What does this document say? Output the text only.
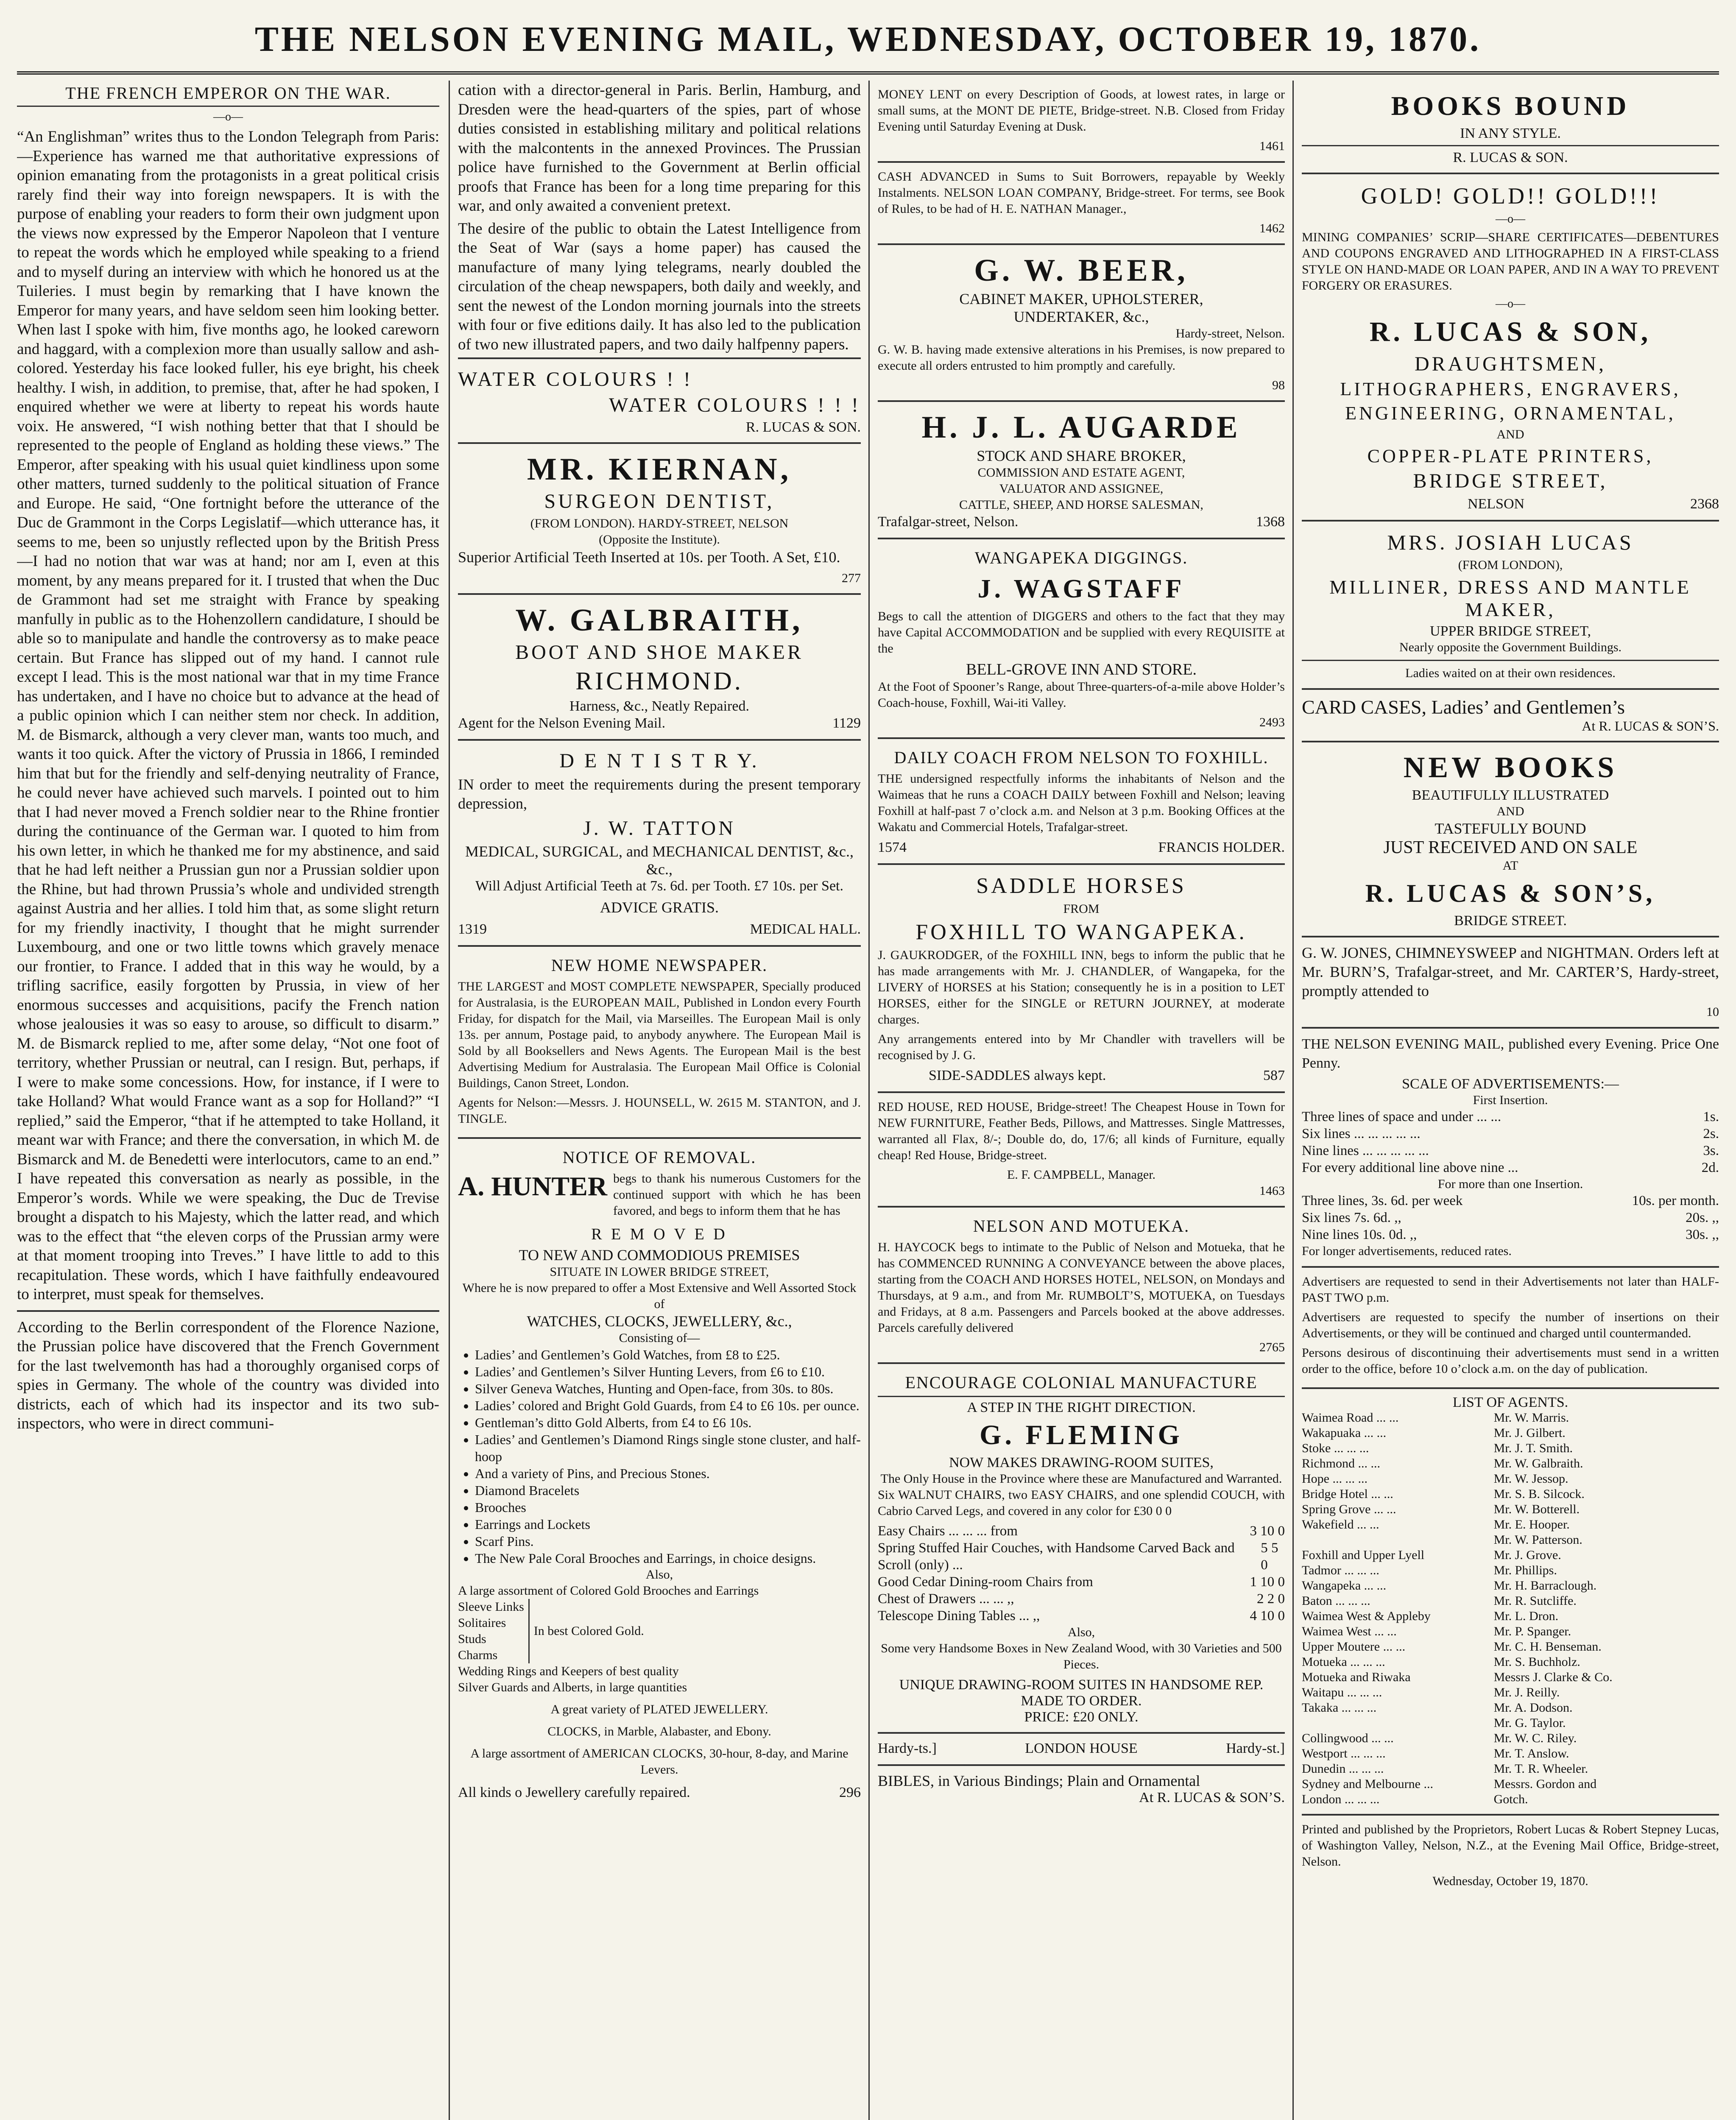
THE NELSON EVENING MAIL, WEDNESDAY, OCTOBER 19, 1870.
THE FRENCH EMPEROR ON THE WAR.
—o—

“An Englishman” writes thus to the London Telegraph from Paris:—Experience has warned me that authoritative expressions of opinion emanating from the protagonists in a great political crisis rarely find their way into foreign newspapers. It is with the purpose of enabling your readers to form their own judgment upon the views now expressed by the Emperor Napoleon that I venture to repeat the words which he employed while speaking to a friend and to myself during an interview with which he honored us at the Tuileries. I must begin by remarking that I have known the Emperor for many years, and have seldom seen him looking better. When last I spoke with him, five months ago, he looked careworn and haggard, with a complexion more than usually sallow and ash-colored. Yesterday his face looked fuller, his eye bright, his cheek healthy. I wish, in addition, to premise, that, after he had spoken, I enquired whether we were at liberty to repeat his words haute voix. He answered, “I wish nothing better that that I should be represented to the people of England as holding these views.” The Emperor, after speaking with his usual quiet kindliness upon some other matters, turned suddenly to the political situation of France and Europe. He said, “One fortnight before the utterance of the Duc de Grammont in the Corps Legislatif—which utterance has, it seems to me, been so unjustly reflected upon by the British Press—I had no notion that war was at hand; nor am I, even at this moment, by any means prepared for it. I trusted that when the Duc de Grammont had set me straight with France by speaking manfully in public as to the Hohenzollern candidature, I should be able so to manipulate and handle the controversy as to make peace certain. But France has slipped out of my hand. I cannot rule except I lead. This is the most national war that in my time France has undertaken, and I have no choice but to advance at the head of a public opinion which I can neither stem nor check. In addition, M. de Bismarck, although a very clever man, wants too much, and wants it too quick. After the victory of Prussia in 1866, I reminded him that but for the friendly and self-denying neutrality of France, he could never have achieved such marvels. I pointed out to him that I had never moved a French soldier near to the Rhine frontier during the continuance of the German war. I quoted to him from his own letter, in which he thanked me for my abstinence, and said that he had left neither a Prussian gun nor a Prussian soldier upon the Rhine, but had thrown Prussia’s whole and undivided strength against Austria and her allies. I told him that, as some slight return for my friendly inactivity, I thought that he might surrender Luxembourg, and one or two little towns which gravely menace our frontier, to France. I added that in this way he would, by a trifling sacrifice, easily forgotten by Prussia, in view of her enormous successes and acquisitions, pacify the French nation whose jealousies it was so easy to arouse, so difficult to disarm.” M. de Bismarck replied to me, after some delay, “Not one foot of territory, whether Prussian or neutral, can I resign. But, perhaps, if I were to make some concessions. How, for instance, if I were to take Holland? What would France want as a sop for Holland?” “I replied,” said the Emperor, “that if he attempted to take Holland, it meant war with France; and there the conversation, in which M. de Bismarck and M. de Benedetti were interlocutors, came to an end.” I have repeated this conversation as nearly as possible, in the Emperor’s words. While we were speaking, the Duc de Trevise brought a dispatch to his Majesty, which the latter read, and which was to the effect that “the eleven corps of the Prussian army were at that moment trooping into Treves.” I have little to add to this recapitulation. These words, which I have faithfully endeavoured to interpret, must speak for themselves.

According to the Berlin correspondent of the Florence Nazione, the Prussian police have discovered that the French Government for the last twelvemonth has had a thoroughly organised corps of spies in Germany. The whole of the country was divided into districts, each of which had its inspector and its two sub-inspectors, who were in direct communi-

cation with a director-general in Paris. Berlin, Hamburg, and Dresden were the head-quarters of the spies, part of whose duties consisted in establishing military and political relations with the malcontents in the annexed Provinces. The Prussian police have furnished to the Government at Berlin official proofs that France has been for a long time preparing for this war, and only awaited a convenient pretext.

The desire of the public to obtain the Latest Intelligence from the Seat of War (says a home paper) has caused the manufacture of many lying telegrams, nearly doubled the circulation of the cheap newspapers, both daily and weekly, and sent the newest of the London morning journals into the streets with four or five editions daily. It has also led to the publication of two new illustrated papers, and two daily halfpenny papers.

WATER COLOURS ! !
WATER COLOURS ! ! !
R. LUCAS & SON.
MR. KIERNAN,
SURGEON DENTIST,
(FROM LONDON). HARDY-STREET, NELSON
(Opposite the Institute).

Superior Artificial Teeth Inserted at 10s. per Tooth. A Set, £10.

277
W. GALBRAITH,
BOOT AND SHOE MAKER
RICHMOND.
Harness, &c., Neatly Repaired.
Agent for the Nelson Evening Mail.	1129
D E N T I S T R Y.

IN order to meet the requirements during the present temporary depression,

J. W. TATTON
MEDICAL, SURGICAL, and MECHANICAL DENTIST, &c., &c.,
Will Adjust Artificial Teeth at 7s. 6d. per Tooth. £7 10s. per Set.
ADVICE GRATIS.
1319	MEDICAL HALL.
NEW HOME NEWSPAPER.

THE LARGEST and MOST COMPLETE NEWSPAPER, Specially produced for Australasia, is the EUROPEAN MAIL, Published in London every Fourth Friday, for dispatch for the Mail, via Marseilles. The European Mail is only 13s. per annum, Postage paid, to anybody anywhere. The European Mail is Sold by all Booksellers and News Agents. The European Mail is the best Advertising Medium for Australasia. The European Mail Office is Colonial Buildings, Canon Street, London.

Agents for Nelson:—Messrs. J. HOUNSELL, W. 2615 M. STANTON, and J. TINGLE.

NOTICE OF REMOVAL.
A. HUNTER begs to thank his numerous Customers for the continued support with which he has been favored, and begs to inform them that he has

R E M O V E D
TO NEW AND COMMODIOUS PREMISES
SITUATE IN LOWER BRIDGE STREET,
Where he is now prepared to offer a Most Extensive and Well Assorted Stock of
WATCHES, CLOCKS, JEWELLERY, &c.,
Consisting of—
• Ladies’ and Gentlemen’s Gold Watches, from £8 to £25.
• Ladies’ and Gentlemen’s Silver Hunting Levers, from £6 to £10.
• Silver Geneva Watches, Hunting and Open-face, from 30s. to 80s.
• Ladies’ colored and Bright Gold Guards, from £4 to £6 10s. per ounce.
• Gentleman’s ditto Gold Alberts, from £4 to £6 10s.
• Ladies’ and Gentlemen’s Diamond Rings single stone cluster, and half-hoop
• And a variety of Pins, and Precious Stones.
• Diamond Bracelets
• Brooches
• Earrings and Lockets
• Scarf Pins.
• The New Pale Coral Brooches and Earrings, in choice designs.
Also,
A large assortment of Colored Gold Brooches and Earrings
Sleeve Links
Solitaires
Studs
Charms
In best Colored Gold.
Wedding Rings and Keepers of best quality
Silver Guards and Alberts, in large quantities
A great variety of PLATED JEWELLERY.
CLOCKS, in Marble, Alabaster, and Ebony.
A large assortment of AMERICAN CLOCKS, 30-hour, 8-day, and Marine Levers.
All kinds o Jewellery carefully repaired.	296

MONEY LENT on every Description of Goods, at lowest rates, in large or small sums, at the MONT DE PIETE, Bridge-street. N.B. Closed from Friday Evening until Saturday Evening at Dusk.

1461

CASH ADVANCED in Sums to Suit Borrowers, repayable by Weekly Instalments. NELSON LOAN COMPANY, Bridge-street. For terms, see Book of Rules, to be had of H. E. NATHAN Manager.,

1462
G. W. BEER,
CABINET MAKER, UPHOLSTERER,
UNDERTAKER, &c.,
Hardy-street, Nelson.

G. W. B. having made extensive alterations in his Premises, is now prepared to execute all orders entrusted to him promptly and carefully.

98
H. J. L. AUGARDE
STOCK AND SHARE BROKER,
COMMISSION AND ESTATE AGENT,
VALUATOR AND ASSIGNEE,
CATTLE, SHEEP, AND HORSE SALESMAN,
Trafalgar-street, Nelson.	1368
WANGAPEKA DIGGINGS.
J. WAGSTAFF

Begs to call the attention of DIGGERS and others to the fact that they may have Capital ACCOMMODATION and be supplied with every REQUISITE at the

BELL-GROVE INN AND STORE.

At the Foot of Spooner’s Range, about Three-quarters-of-a-mile above Holder’s Coach-house, Foxhill, Wai-iti Valley.

2493
DAILY COACH FROM NELSON TO FOXHILL.

THE undersigned respectfully informs the inhabitants of Nelson and the Waimeas that he runs a COACH DAILY between Foxhill and Nelson; leaving Foxhill at half-past 7 o’clock a.m. and Nelson at 3 p.m. Booking Offices at the Wakatu and Commercial Hotels, Trafalgar-street.

1574	FRANCIS HOLDER.
SADDLE HORSES
FROM
FOXHILL TO WANGAPEKA.

J. GAUKRODGER, of the FOXHILL INN, begs to inform the public that he has made arrangements with Mr. J. CHANDLER, of Wangapeka, for the LIVERY of HORSES at his Station; consequently he is in a position to LET HORSES, either for the SINGLE or RETURN JOURNEY, at moderate charges.

Any arrangements entered into by Mr Chandler with travellers will be recognised by J. G.

SIDE-SADDLES always kept.	587

RED HOUSE, RED HOUSE, Bridge-street! The Cheapest House in Town for NEW FURNITURE, Feather Beds, Pillows, and Mattresses. Single Mattresses, warranted all Flax, 8/-; Double do, do, 17/6; all kinds of Furniture, equally cheap! Red House, Bridge-street.

E. F. CAMPBELL, Manager.
1463
NELSON AND MOTUEKA.

H. HAYCOCK begs to intimate to the Public of Nelson and Motueka, that he has COMMENCED RUNNING A CONVEYANCE between the above places, starting from the COACH AND HORSES HOTEL, NELSON, on Mondays and Thursdays, at 9 a.m., and from Mr. RUMBOLT’S, MOTUEKA, on Tuesdays and Fridays, at 8 a.m. Passengers and Parcels booked at the above addresses. Parcels carefully delivered

2765
ENCOURAGE COLONIAL MANUFACTURE
A STEP IN THE RIGHT DIRECTION.
G. FLEMING
NOW MAKES DRAWING-ROOM SUITES,
The Only House in the Province where these are Manufactured and Warranted.

Six WALNUT CHAIRS, two EASY CHAIRS, and one splendid COUCH, with Cabrio Carved Legs, and covered in any color for £30 0 0

Easy Chairs ... ... ... from	3 10 0
Spring Stuffed Hair Couches, with Handsome Carved Back and Scroll (only) ...
5 5 0
Good Cedar Dining-room Chairs from	1 10 0
Chest of Drawers ... ... ,,	2 2 0
Telescope Dining Tables ... ,,	4 10 0
Also,
Some very Handsome Boxes in New Zealand Wood, with 30 Varieties and 500 Pieces.
UNIQUE DRAWING-ROOM SUITES IN HANDSOME REP. MADE TO ORDER.
PRICE: £20 ONLY.
Hardy-ts.]	LONDON HOUSE	Hardy-st.]
BIBLES, in Various Bindings; Plain and Ornamental
At R. LUCAS & SON’S.
BOOKS BOUND
IN ANY STYLE.
R. LUCAS & SON.
GOLD! GOLD!! GOLD!!!
—o—

MINING COMPANIES’ SCRIP—SHARE CERTIFICATES—DEBENTURES AND COUPONS ENGRAVED AND LITHOGRAPHED IN A FIRST-CLASS STYLE ON HAND-MADE OR LOAN PAPER, AND IN A WAY TO PREVENT FORGERY OR ERASURES.

—o—
R. LUCAS & SON,
DRAUGHTSMEN,
LITHOGRAPHERS, ENGRAVERS,
ENGINEERING, ORNAMENTAL,
AND
COPPER-PLATE PRINTERS,
BRIDGE STREET,
NELSON	2368
MRS. JOSIAH LUCAS
(FROM LONDON),
MILLINER, DRESS AND MANTLE MAKER,
UPPER BRIDGE STREET,
Nearly opposite the Government Buildings.
Ladies waited on at their own residences.
CARD CASES, Ladies’ and Gentlemen’s
At R. LUCAS & SON’S.
NEW BOOKS
BEAUTIFULLY ILLUSTRATED
AND
TASTEFULLY BOUND
JUST RECEIVED AND ON SALE
AT
R. LUCAS & SON’S,
BRIDGE STREET.

G. W. JONES, CHIMNEYSWEEP and NIGHTMAN. Orders left at Mr. BURN’S, Trafalgar-street, and Mr. CARTER’S, Hardy-street, promptly attended to

10

THE NELSON EVENING MAIL, published every Evening. Price One Penny.

SCALE OF ADVERTISEMENTS:—
First Insertion.
Three lines of space and under ... ...	1s.
Six lines ... ... ... ... ...	2s.
Nine lines ... ... ... ... ...	3s.
For every additional line above nine ...	2d.
For more than one Insertion.
Three lines, 3s. 6d. per week	10s. per month.
Six lines 7s. 6d. ,,	20s. ,,
Nine lines 10s. 0d. ,,	30s. ,,
For longer advertisements, reduced rates.

Advertisers are requested to send in their Advertisements not later than HALF-PAST TWO p.m.

Advertisers are requested to specify the number of insertions on their Advertisements, or they will be continued and charged until countermanded.

Persons desirous of discontinuing their advertisements must send in a written order to the office, before 10 o’clock a.m. on the day of publication.

LIST OF AGENTS.
Waimea Road ... ...	Mr. W. Marris.
Wakapuaka ... ...	Mr. J. Gilbert.
Stoke ... ... ...	Mr. J. T. Smith.
Richmond ... ...	Mr. W. Galbraith.
Hope ... ... ...	Mr. W. Jessop.
Bridge Hotel ... ...	Mr. S. B. Silcock.
Spring Grove ... ...	Mr. W. Botterell.
Wakefield ... ...	Mr. E. Hooper.
Mr. W. Patterson.
Foxhill and Upper Lyell	Mr. J. Grove.
Tadmor ... ... ...	Mr. Phillips.
Wangapeka ... ...	Mr. H. Barraclough.
Baton ... ... ...	Mr. R. Sutcliffe.
Waimea West & Appleby	Mr. L. Dron.
Waimea West ... ...	Mr. P. Spanger.
Upper Moutere ... ...	Mr. C. H. Benseman.
Motueka ... ... ...	Mr. S. Buchholz.
Motueka and Riwaka	Messrs J. Clarke & Co.
Waitapu ... ... ...	Mr. J. Reilly.
Takaka ... ... ...	Mr. A. Dodson.
Mr. G. Taylor.
Collingwood ... ...	Mr. W. C. Riley.
Westport ... ... ...	Mr. T. Anslow.
Dunedin ... ... ...	Mr. T. R. Wheeler.
Sydney and Melbourne ...	Messrs. Gordon and
London ... ... ...	Gotch.

Printed and published by the Proprietors, Robert Lucas & Robert Stepney Lucas, of Washington Valley, Nelson, N.Z., at the Evening Mail Office, Bridge-street, Nelson.

Wednesday, October 19, 1870.
